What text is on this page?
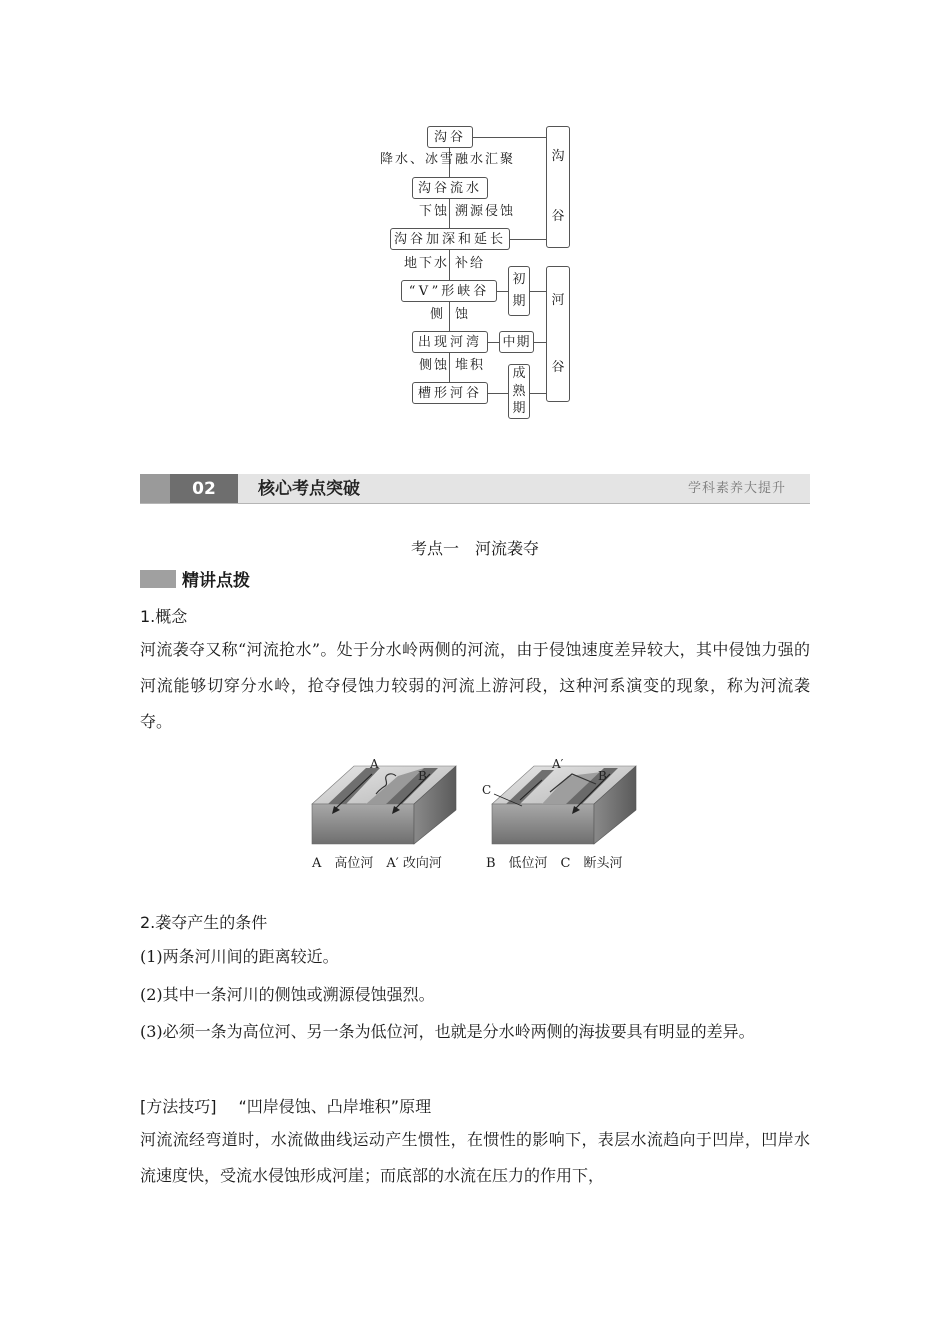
沟谷
降水、冰雪 融水汇聚
沟谷流水
下蚀 溯源侵蚀
沟谷加深和延长
地下水 补给
“V”形峡谷
侧 蚀
出现河湾
侧蚀 堆积
槽形河谷
初
期
中期
成
熟
期
沟
谷
河
谷
02	核心考点突破	学科素养大提升
考点一　河流袭夺
精讲点拨
1.概念
河流袭夺又称“河流抢水”。处于分水岭两侧的河流，由于侵蚀速度差异较大，其中侵蚀力强的河流能够切穿分水岭，抢夺侵蚀力较弱的河流上游河段，这种河系演变的现象，称为河流袭夺。
A
B
A′
B
C
A　高位河　A′ 改向河	B　低位河　C　断头河
2.袭夺产生的条件
(1)两条河川间的距离较近。
(2)其中一条河川的侧蚀或溯源侵蚀强烈。
(3)必须一条为高位河、另一条为低位河，也就是分水岭两侧的海拔要具有明显的差异。
[方法技巧] “凹岸侵蚀、凸岸堆积”原理
河流流经弯道时，水流做曲线运动产生惯性，在惯性的影响下，表层水流趋向于凹岸，凹岸水流速度快，受流水侵蚀形成河崖；而底部的水流在压力的作用下，
